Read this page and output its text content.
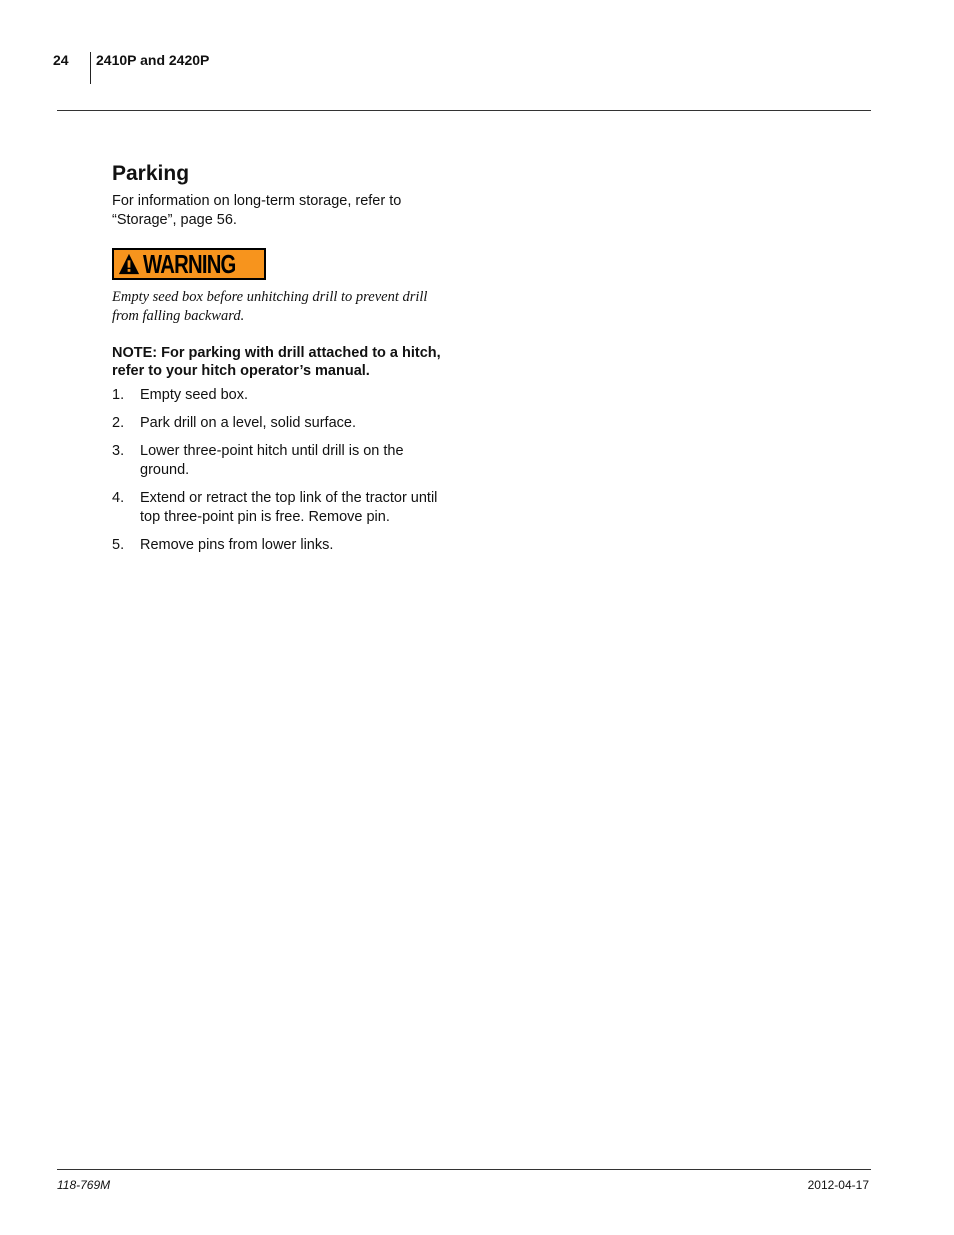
24 2410P and 2420P
Parking

For information on long-term storage, refer to “Storage”, page 56.

WARNING

Empty seed box before unhitching drill to prevent drill from falling backward.

NOTE: For parking with drill attached to a hitch, refer to your hitch operator’s manual.

1.	Empty seed box.
2.	Park drill on a level, solid surface.
3.	Lower three-point hitch until drill is on the ground.
4.	Extend or retract the top link of the tractor until top three-point pin is free. Remove pin.
5.	Remove pins from lower links.
118-769M	2012-04-17
